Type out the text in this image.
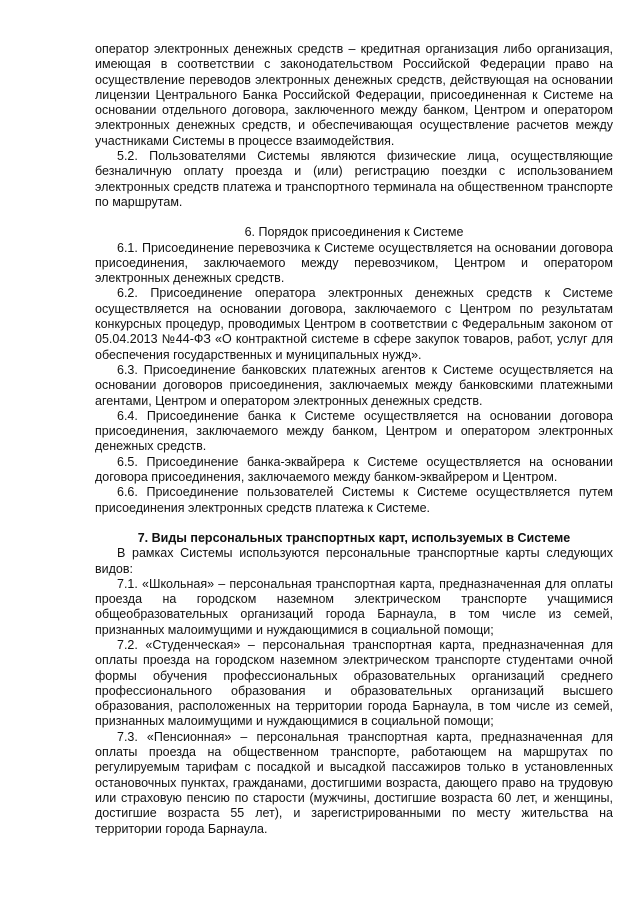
оператор электронных денежных средств – кредитная организация либо организация, имеющая в соответствии с законодательством Российской Федерации право на осуществление переводов электронных денежных средств, действующая на основании лицензии Центрального Банка Российской Федерации, присоединенная к Системе на основании отдельного договора, заключенного между банком, Центром и оператором электронных денежных средств, и обеспечивающая осуществление расчетов между участниками Системы в процессе взаимодействия.

5.2. Пользователями Системы являются физические лица, осуществляющие безналичную оплату проезда и (или) регистрацию поездки с использованием электронных средств платежа и транспортного терминала на общественном транспорте по маршрутам.

6. Порядок присоединения к Системе

6.1. Присоединение перевозчика к Системе осуществляется на основании договора присоединения, заключаемого между перевозчиком, Центром и оператором электронных денежных средств.

6.2. Присоединение оператора электронных денежных средств к Системе осуществляется на основании договора, заключаемого с Центром по результатам конкурсных процедур, проводимых Центром в соответствии с Федеральным законом от 05.04.2013 №44-ФЗ «О контрактной системе в сфере закупок товаров, работ, услуг для обеспечения государственных и муниципальных нужд».

6.3. Присоединение банковских платежных агентов к Системе осуществляется на основании договоров присоединения, заключаемых между банковскими платежными агентами, Центром и оператором электронных денежных средств.

6.4. Присоединение банка к Системе осуществляется на основании договора присоединения, заключаемого между банком, Центром и оператором электронных денежных средств.

6.5. Присоединение банка-эквайрера к Системе осуществляется на основании договора присоединения, заключаемого между банком-эквайрером и Центром.

6.6. Присоединение пользователей Системы к Системе осуществляется путем присоединения электронных средств платежа к Системе.

7. Виды персональных транспортных карт, используемых в Системе

В рамках Системы используются персональные транспортные карты следующих видов:

7.1. «Школьная» – персональная транспортная карта, предназначенная для оплаты проезда на городском наземном электрическом транспорте учащимися общеобразовательных организаций города Барнаула, в том числе из семей, признанных малоимущими и нуждающимися в социальной помощи;

7.2. «Студенческая» – персональная транспортная карта, предназначенная для оплаты проезда на городском наземном электрическом транспорте студентами очной формы обучения профессиональных образовательных организаций среднего профессионального образования и образовательных организаций высшего образования, расположенных на территории города Барнаула, в том числе из семей, признанных малоимущими и нуждающимися в социальной помощи;

7.3. «Пенсионная» – персональная транспортная карта, предназначенная для оплаты проезда на общественном транспорте, работающем на маршрутах по регулируемым тарифам с посадкой и высадкой пассажиров только в установленных остановочных пунктах, гражданами, достигшими возраста, дающего право на трудовую или страховую пенсию по старости (мужчины, достигшие возраста 60 лет, и женщины, достигшие возраста 55 лет), и зарегистрированными по месту жительства на территории города Барнаула.
